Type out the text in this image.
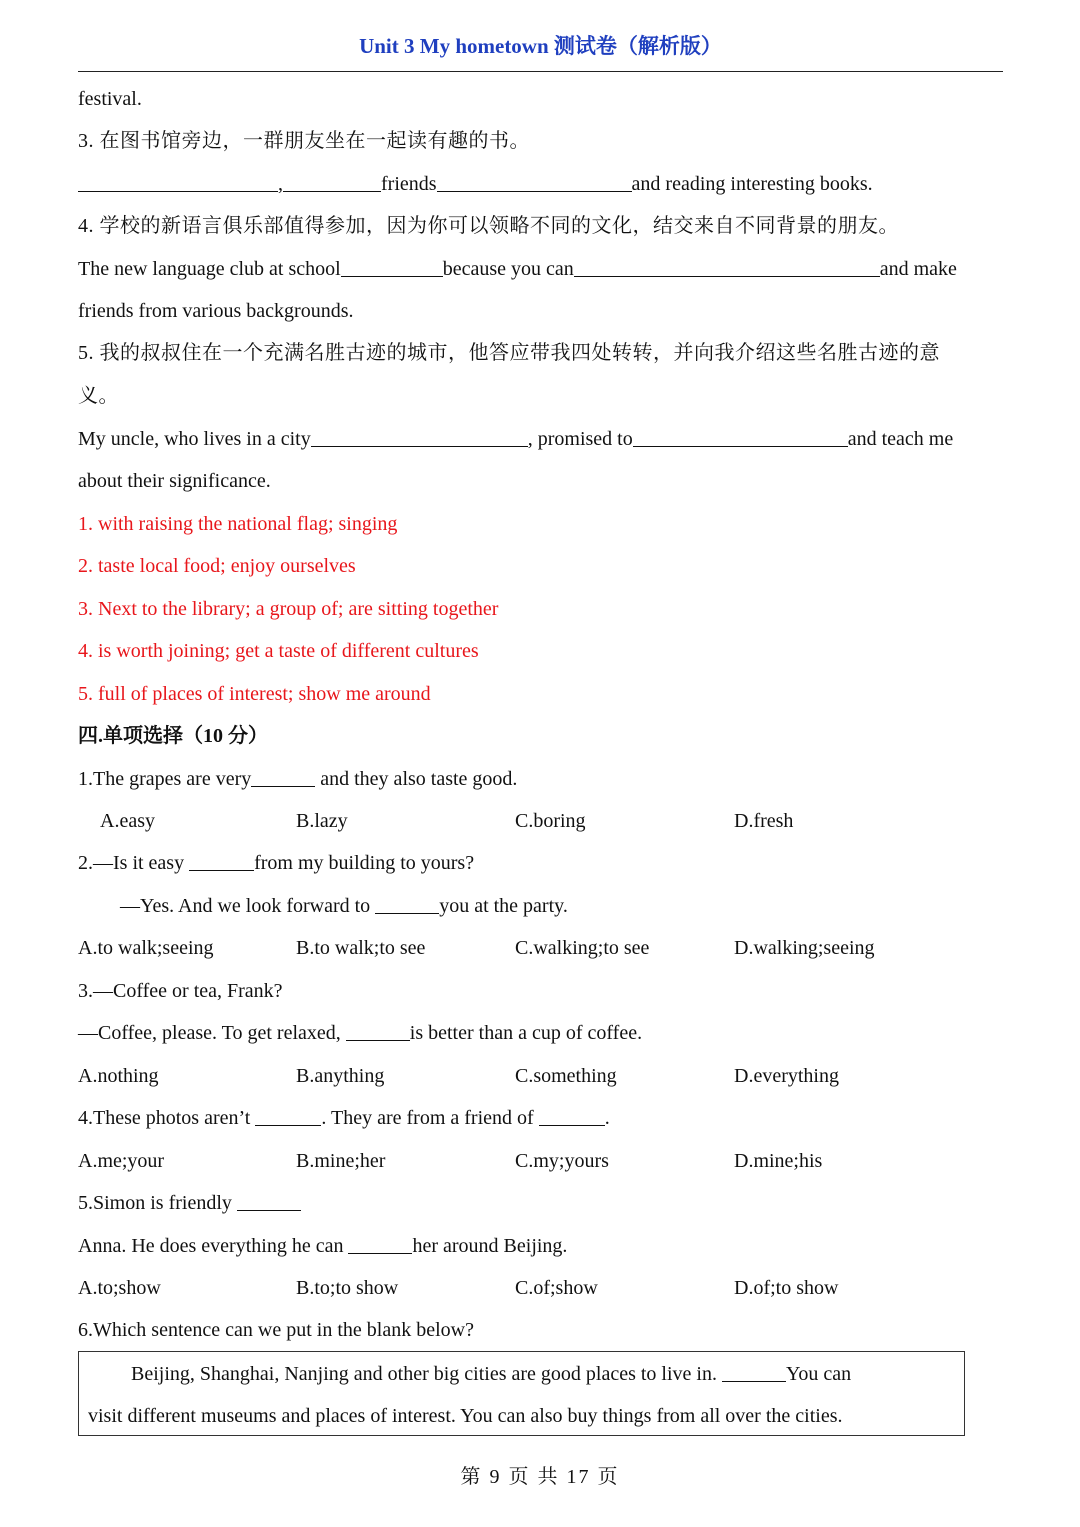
Unit 3 My hometown 测试卷（解析版）
festival.
3. 在图书馆旁边，一群朋友坐在一起读有趣的书。
,	friends	and reading interesting books.
4. 学校的新语言俱乐部值得参加，因为你可以领略不同的文化，结交来自不同背景的朋友。
The new language club at school	because you can	and make
friends from various backgrounds.
5. 我的叔叔住在一个充满名胜古迹的城市，他答应带我四处转转，并向我介绍这些名胜古迹的意
义。
My uncle, who lives in a city	, promised to	and teach me
about their significance.
1. with raising the national flag; singing
2. taste local food; enjoy ourselves
3. Next to the library; a group of; are sitting together
4. is worth joining; get a taste of different cultures
5. full of places of interest; show me around
四.单项选择（10 分）
1.The grapes are very	and they also taste good.
A.easy	B.lazy	C.boring	D.fresh
2.—Is it easy	from my building to yours?
—Yes. And we look forward to	you at the party.
A.to walk;seeing	B.to walk;to see	C.walking;to see	D.walking;seeing
3.—Coffee or tea, Frank?
—Coffee, please. To get relaxed,	is better than a cup of coffee.
A.nothing	B.anything	C.something	D.everything
4.These photos aren’t	. They are from a friend of	.
A.me;your	B.mine;her	C.my;yours	D.mine;his
5.Simon is friendly
Anna. He does everything he can	her around Beijing.
A.to;show	B.to;to show	C.of;show	D.of;to show
6.Which sentence can we put in the blank below?
Beijing, Shanghai, Nanjing and other big cities are good places to live in.	You can
visit different museums and places of interest. You can also buy things from all over the cities.
第 9 页 共 17 页
